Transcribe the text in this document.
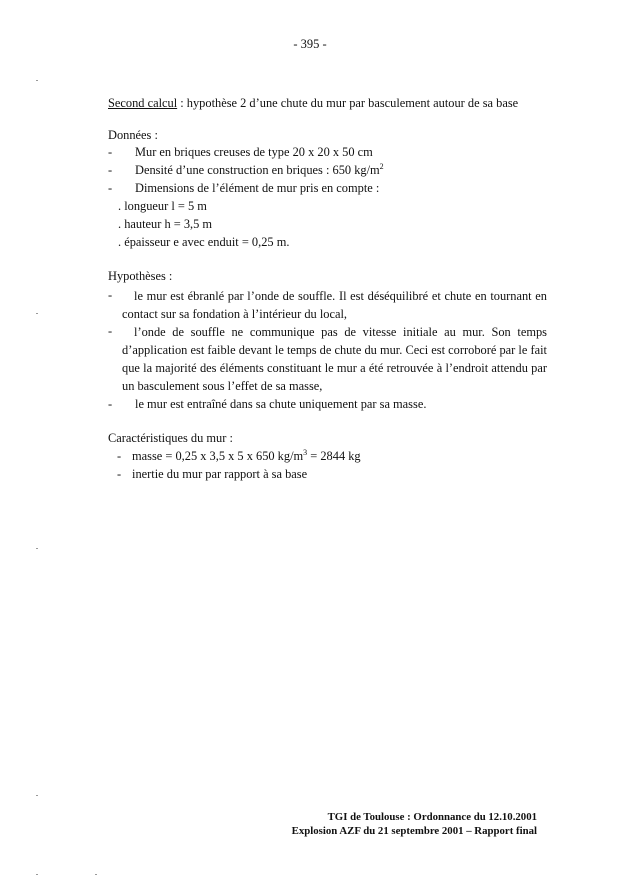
- 395 -
Second calcul : hypothèse 2 d’une chute du mur par basculement autour de sa base
Données :
- Mur en briques creuses de type 20 x 20 x 50 cm
- Densité d’une construction en briques : 650 $kg/m^2$
- Dimensions de l’élément de mur pris en compte :
. longueur l = 5 m
. hauteur h = 3,5 m
. épaisseur e avec enduit = 0,25 m.
Hypothèses :
-	le mur est ébranlé par l’onde de souffle. Il est déséquilibré et chute en tournant en contact sur sa fondation à l’intérieur du local,
-	l’onde de souffle ne communique pas de vitesse initiale au mur. Son temps d’application est faible devant le temps de chute du mur. Ceci est corroboré par le fait que la majorité des éléments constituant le mur a été retrouvée à l’endroit attendu par un basculement sous l’effet de sa masse,
- le mur est entraîné dans sa chute uniquement par sa masse.
Caractéristiques du mur :
- masse = 0,25 x 3,5 x 5 x 650 $kg/m^3 = 2844$ kg
- inertie du mur par rapport à sa base
TGI de Toulouse : Ordonnance du 12.10.2001
Explosion AZF du 21 septembre 2001 – Rapport final
